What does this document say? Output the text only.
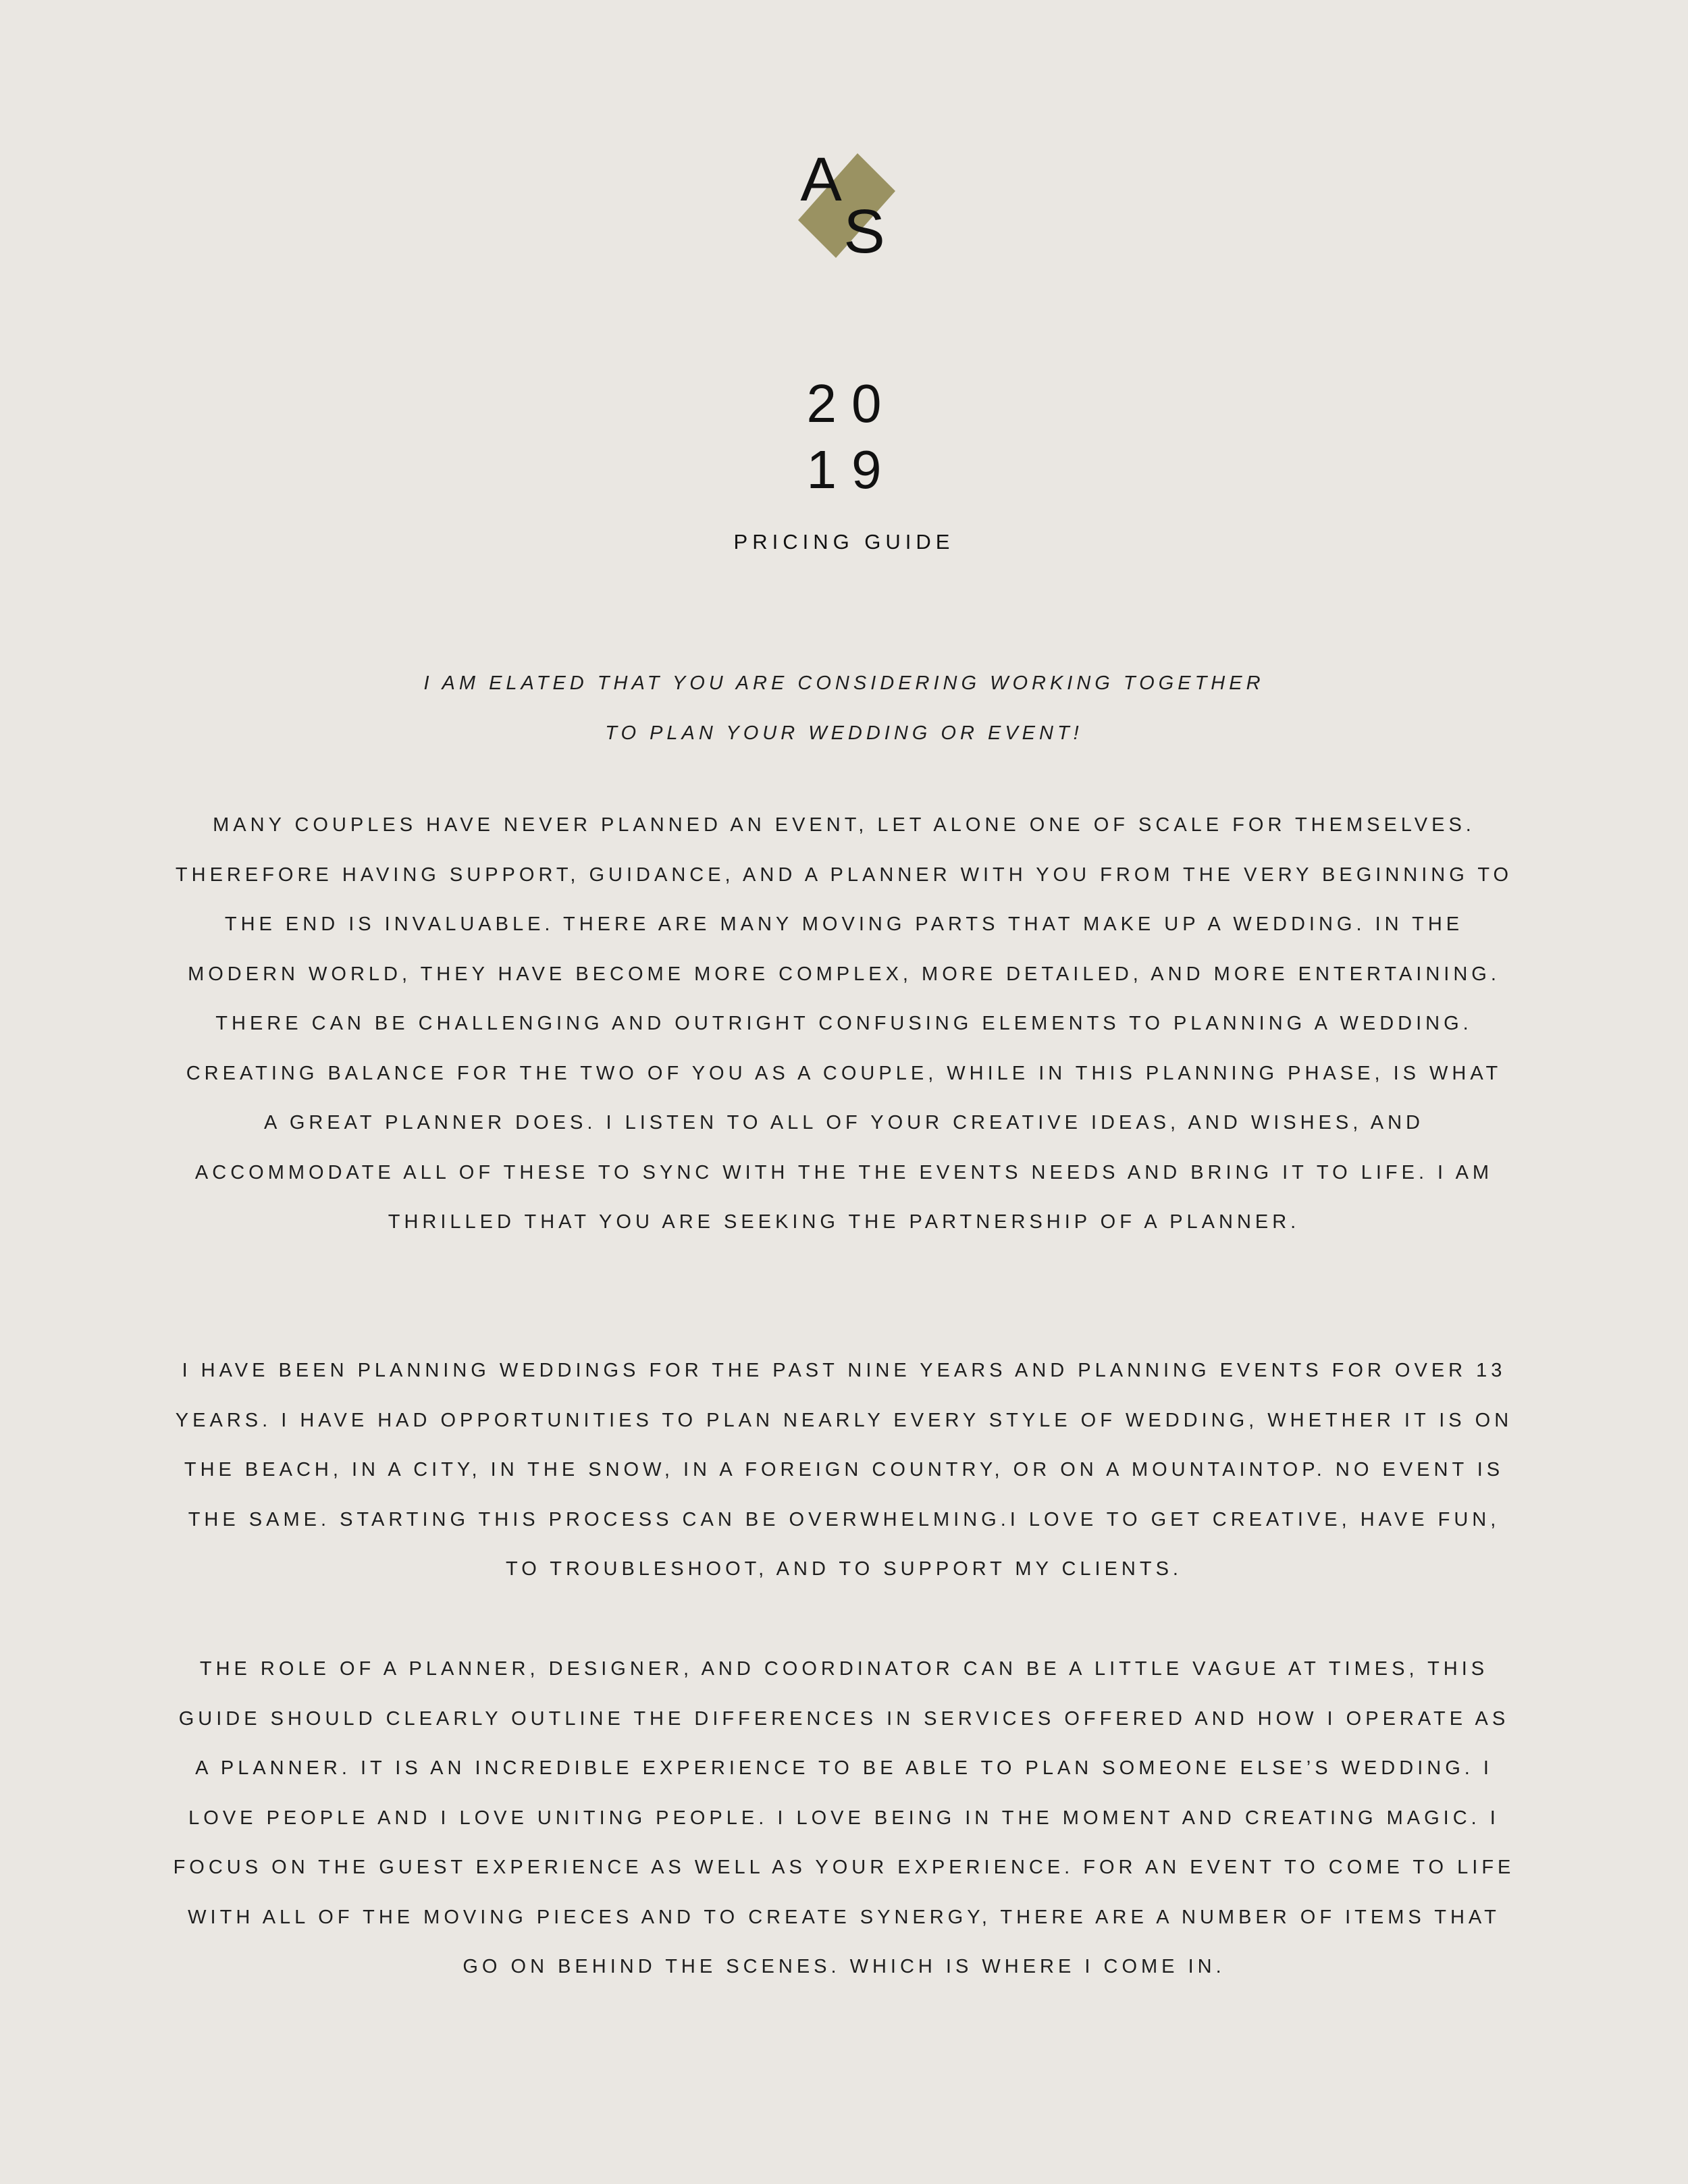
A
S
20
19
PRICING GUIDE
I AM ELATED THAT YOU ARE CONSIDERING WORKING TOGETHER
TO PLAN YOUR WEDDING OR EVENT!
MANY COUPLES HAVE NEVER PLANNED AN EVENT, LET ALONE ONE OF SCALE FOR THEMSELVES.
THEREFORE HAVING SUPPORT, GUIDANCE, AND A PLANNER WITH YOU FROM THE VERY BEGINNING TO
THE END IS INVALUABLE. THERE ARE MANY MOVING PARTS THAT MAKE UP A WEDDING. IN THE
MODERN WORLD, THEY HAVE BECOME MORE COMPLEX, MORE DETAILED, AND MORE ENTERTAINING.
THERE CAN BE CHALLENGING AND OUTRIGHT CONFUSING ELEMENTS TO PLANNING A WEDDING.
CREATING BALANCE FOR THE TWO OF YOU AS A COUPLE, WHILE IN THIS PLANNING PHASE, IS WHAT
A GREAT PLANNER DOES. I LISTEN TO ALL OF YOUR CREATIVE IDEAS, AND WISHES, AND
ACCOMMODATE ALL OF THESE TO SYNC WITH THE THE EVENTS NEEDS AND BRING IT TO LIFE. I AM
THRILLED THAT YOU ARE SEEKING THE PARTNERSHIP OF A PLANNER.
I HAVE BEEN PLANNING WEDDINGS FOR THE PAST NINE YEARS AND PLANNING EVENTS FOR OVER 13
YEARS. I HAVE HAD OPPORTUNITIES TO PLAN NEARLY EVERY STYLE OF WEDDING, WHETHER IT IS ON
THE BEACH, IN A CITY, IN THE SNOW, IN A FOREIGN COUNTRY, OR ON A MOUNTAINTOP. NO EVENT IS
THE SAME. STARTING THIS PROCESS CAN BE OVERWHELMING.I LOVE TO GET CREATIVE, HAVE FUN,
TO TROUBLESHOOT, AND TO SUPPORT MY CLIENTS.
THE ROLE OF A PLANNER, DESIGNER, AND COORDINATOR CAN BE A LITTLE VAGUE AT TIMES, THIS
GUIDE SHOULD CLEARLY OUTLINE THE DIFFERENCES IN SERVICES OFFERED AND HOW I OPERATE AS
A PLANNER. IT IS AN INCREDIBLE EXPERIENCE TO BE ABLE TO PLAN SOMEONE ELSE’S WEDDING. I
LOVE PEOPLE AND I LOVE UNITING PEOPLE. I LOVE BEING IN THE MOMENT AND CREATING MAGIC. I
FOCUS ON THE GUEST EXPERIENCE AS WELL AS YOUR EXPERIENCE. FOR AN EVENT TO COME TO LIFE
WITH ALL OF THE MOVING PIECES AND TO CREATE SYNERGY, THERE ARE A NUMBER OF ITEMS THAT
GO ON BEHIND THE SCENES. WHICH IS WHERE I COME IN.
